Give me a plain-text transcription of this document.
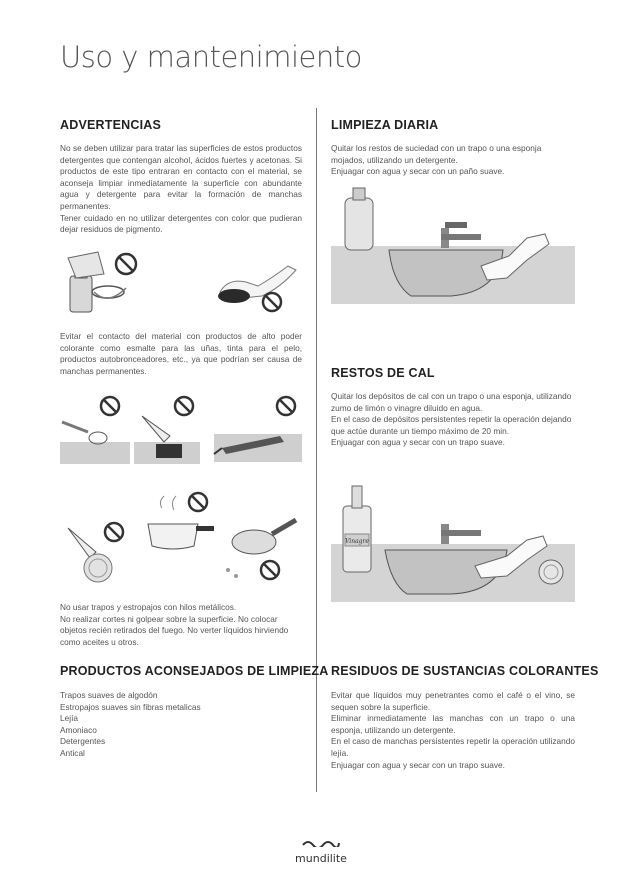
Uso y mantenimiento
ADVERTENCIAS
No se deben utilizar para tratar las superficies de estos productos detergentes que contengan alcohol, ácidos fuertes y acetonas. Si productos de este tipo entraran en contacto con el material, se aconseja limpiar inmediatamente la superficie con abundante agua y detergente para evitar la formación de manchas permanentes.
Tener cuidado en no utilizar detergentes con color que pudieran dejar residuos de pigmento.
Evitar el contacto del material con productos de alto poder colorante como esmalte para las uñas, tinta para el pelo, productos autobronceadores, etc., ya que podrían ser causa de manchas permanentes.
No usar trapos y estropajos con hilos metálicos.
No realizar cortes ni golpear sobre la superficie. No colocar objetos recién retirados del fuego. No verter líquidos hirviendo como aceites u otros.
PRODUCTOS ACONSEJADOS DE LIMPIEZA
Trapos suaves de algodón
Estropajos suaves sin fibras metalicas
Lejía
Amoniaco
Detergentes
Antical
LIMPIEZA DIARIA
Quitar los restos de suciedad con un trapo o una esponja mojados, utilizando un detergente.
Enjuagar con agua y secar con un paño suave.
RESTOS DE CAL
Quitar los depósitos de cal con un trapo o una esponja, utilizando zumo de limón o vinagre diluido en agua.
En el caso de depósitos persistentes repetir la operación dejando que actúe durante un tiempo máximo de 20 min.
Enjuagar con agua y secar con un trapo suave.
Vinagre
RESIDUOS DE SUSTANCIAS COLORANTES
Evitar que líquidos muy penetrantes como el café o el vino, se sequen sobre la superficie.
Eliminar inmediatamente las manchas con un trapo o una esponja, utilizando un detergente.
En el caso de manchas persistentes repetir la operación utilizando lejía.
Enjuagar con agua y secar con un trapo suave.
mundilite
